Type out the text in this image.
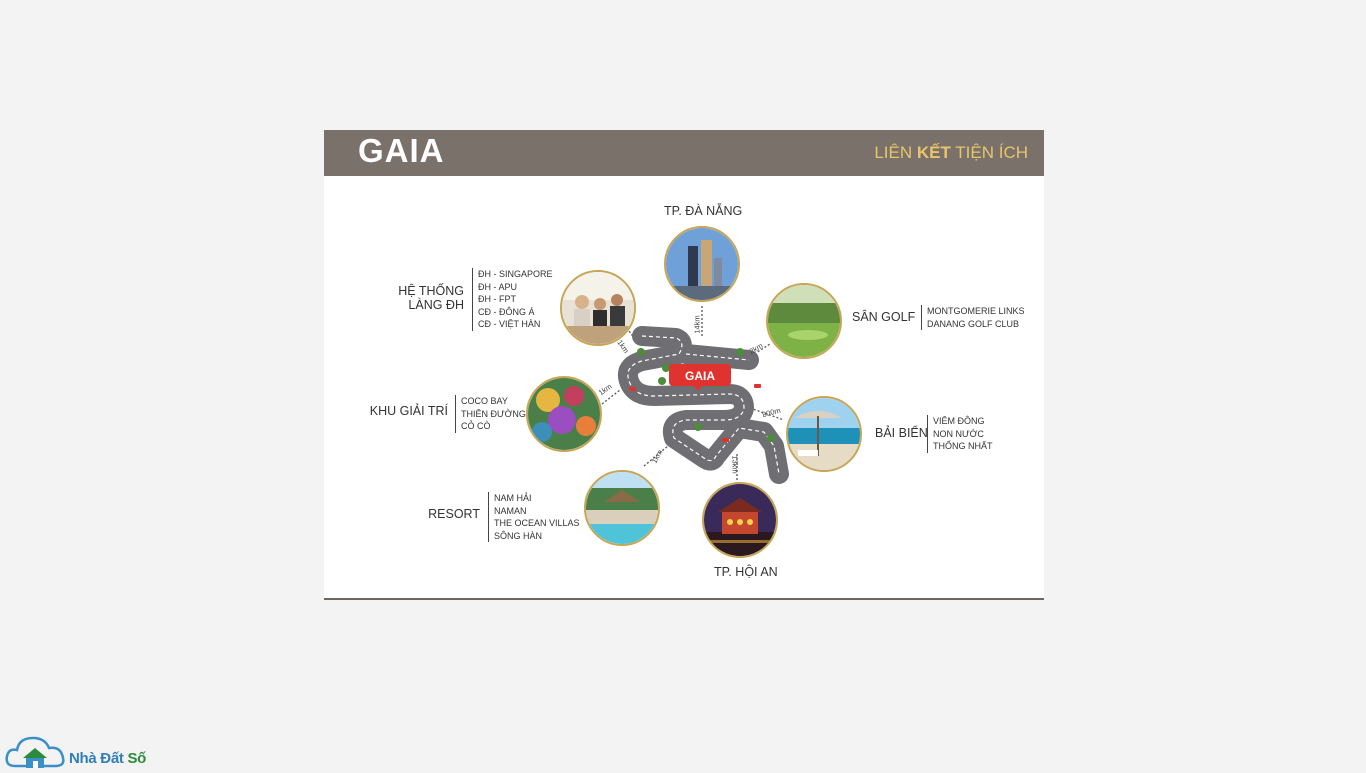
GAIA	LIÊN KẾT TIỆN ÍCH
GAIA
14km
1km	2km
1km
800m
1km	13km
TP. ĐÀ NẴNG
HỆ THỐNG
LÀNG ĐH
ĐH - SINGAPORE
ĐH - APU
ĐH - FPT
CĐ - ĐÔNG Á
CĐ - VIỆT HÀN
SÂN GOLF MONTGOMERIE LINKS
DANANG GOLF CLUB
KHU GIẢI TRÍ
COCO BAY
THIÊN ĐƯỜNG
CỎ CÒ	BẢI BIỂN
VIÊM ĐÔNG
NON NƯỚC
THỐNG NHẤT
RESORT
NAM HẢI
NAMAN
THE OCEAN VILLAS
SÔNG HÀN
TP. HỘI AN
Nhà Đất Số
